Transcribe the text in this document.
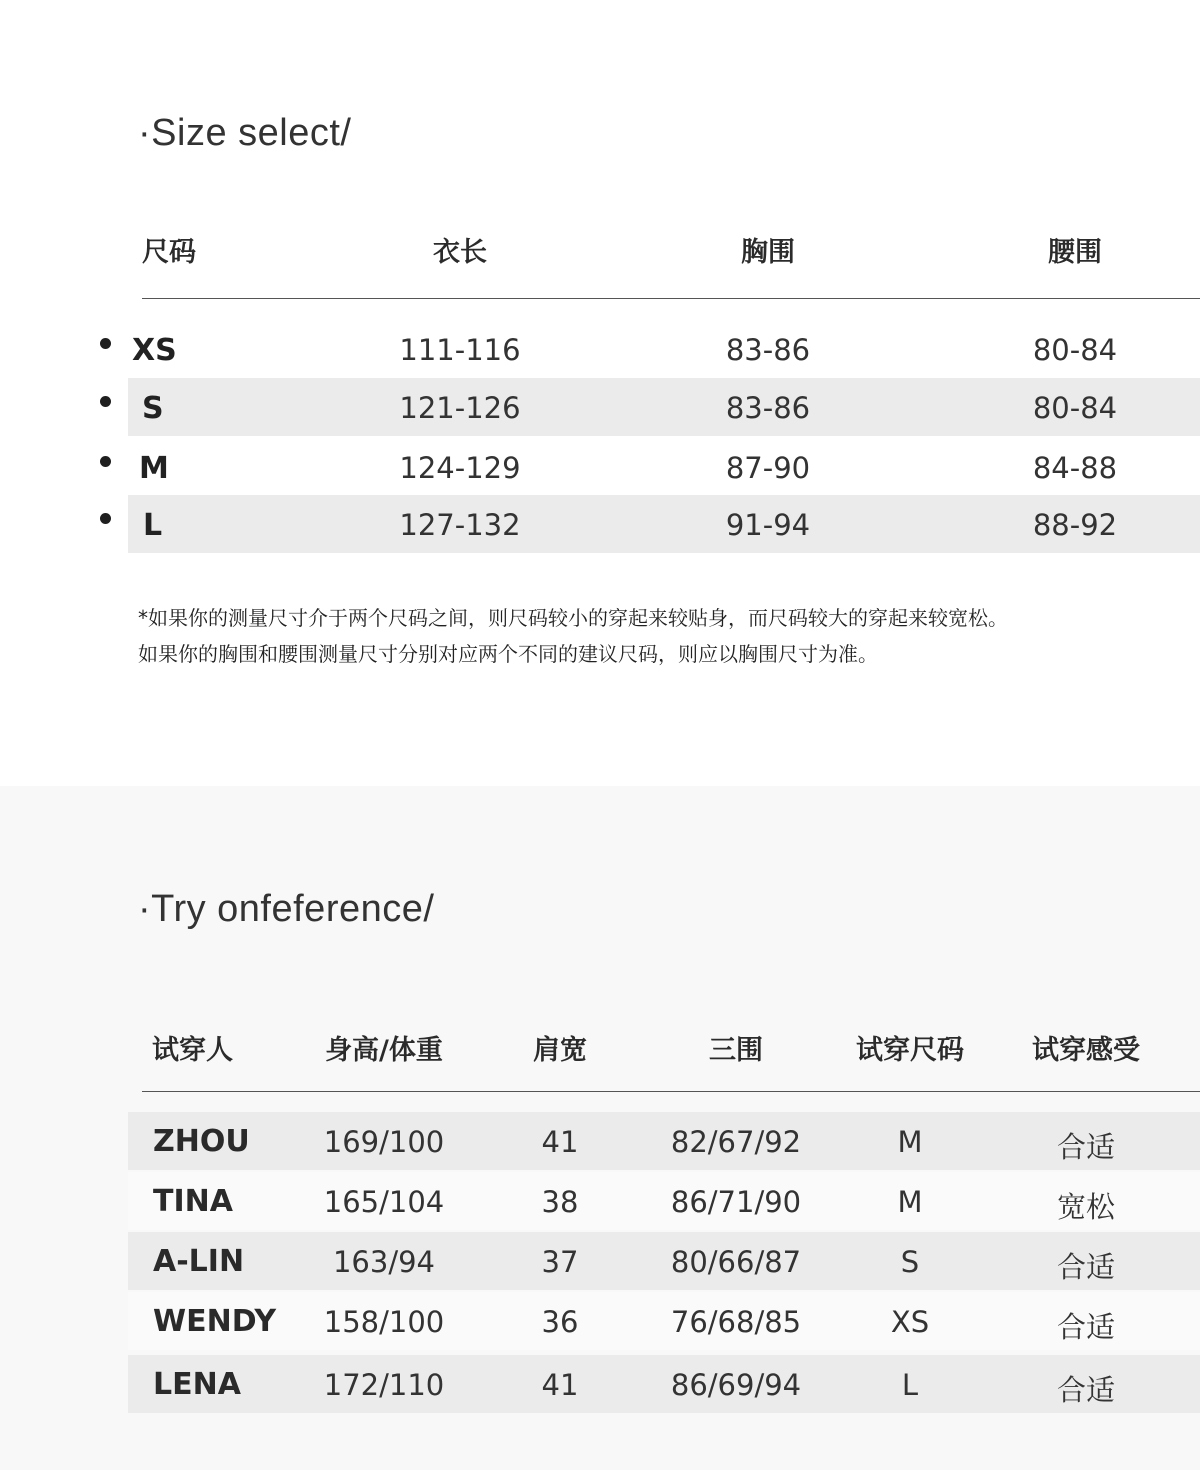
·Size select/
尺码	衣长	胸围	腰围
XS	111-116	83-86	80-84
S	121-126	83-86	80-84
M	124-129	87-90	84-88
L	127-132	91-94	88-92
*如果你的测量尺寸介于两个尺码之间，则尺码较小的穿起来较贴身，而尺码较大的穿起来较宽松。
如果你的胸围和腰围测量尺寸分别对应两个不同的建议尺码，则应以胸围尺寸为准。
·Try onfeference/
试穿人	身高/体重	肩宽	三围	试穿尺码	试穿感受
ZHOU	169/100	41	82/67/92	M	合适
TINA	165/104	38	86/71/90	M	宽松
A-LIN	163/94	37	80/66/87	S	合适
WENDY	158/100	36	76/68/85	XS	合适
LENA	172/110	41	86/69/94	L	合适
